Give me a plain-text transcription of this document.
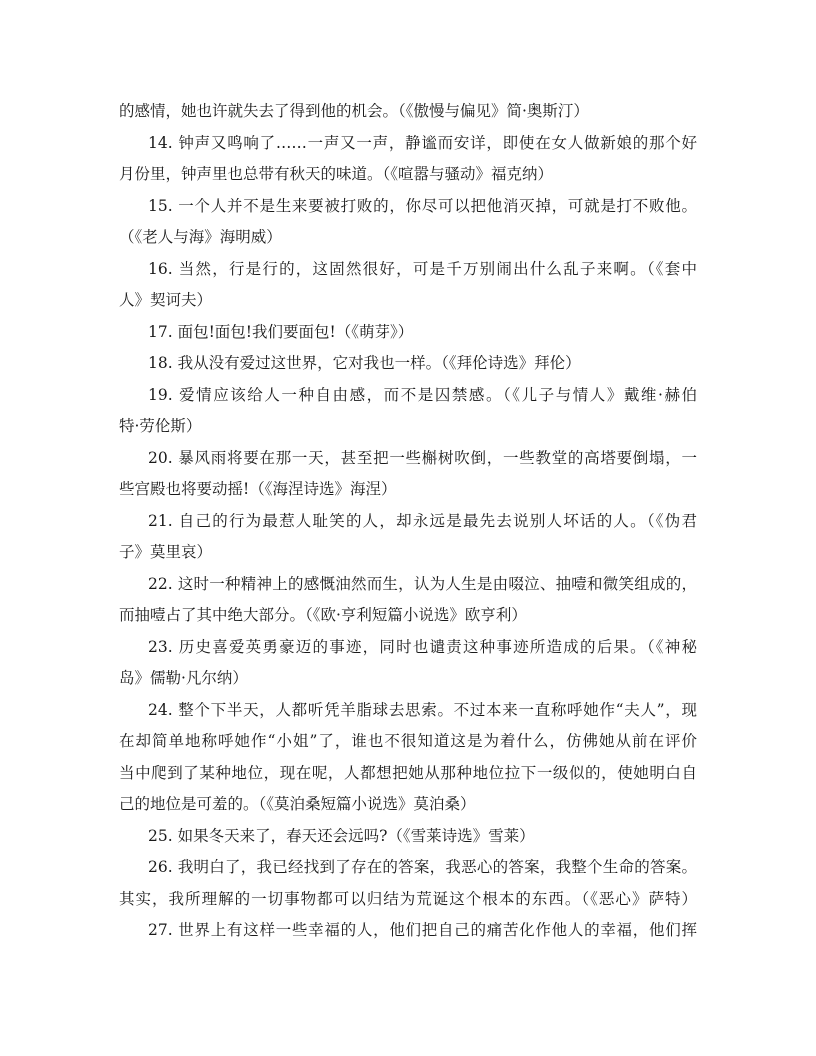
的感情，她也许就失去了得到他的机会。（《傲慢与偏见》简·奥斯汀）
14. 钟声又鸣响了……一声又一声，静谧而安详，即使在女人做新娘的那个好
月份里，钟声里也总带有秋天的味道。（《喧嚣与骚动》福克纳）
15. 一个人并不是生来要被打败的，你尽可以把他消灭掉，可就是打不败他。
（《老人与海》海明威）
16. 当然，行是行的，这固然很好，可是千万别闹出什么乱子来啊。（《套中
人》契诃夫）
17. 面包!面包!我们要面包!（《萌芽》）
18. 我从没有爱过这世界，它对我也一样。（《拜伦诗选》拜伦）
19. 爱情应该给人一种自由感，而不是囚禁感。（《儿子与情人》戴维·赫伯
特·劳伦斯）
20. 暴风雨将要在那一天，甚至把一些槲树吹倒，一些教堂的高塔要倒塌，一
些宫殿也将要动摇!（《海涅诗选》海涅）
21. 自己的行为最惹人耻笑的人，却永远是最先去说别人坏话的人。（《伪君
子》莫里哀）
22. 这时一种精神上的感慨油然而生，认为人生是由啜泣、抽噎和微笑组成的，
而抽噎占了其中绝大部分。（《欧·亨利短篇小说选》欧亨利）
23. 历史喜爱英勇豪迈的事迹，同时也谴责这种事迹所造成的后果。（《神秘
岛》儒勒·凡尔纳）
24. 整个下半天，人都听凭羊脂球去思索。不过本来一直称呼她作“夫人”，现
在却简单地称呼她作“小姐”了，谁也不很知道这是为着什么，仿佛她从前在评价
当中爬到了某种地位，现在呢，人都想把她从那种地位拉下一级似的，使她明白自
己的地位是可羞的。（《莫泊桑短篇小说选》莫泊桑）
25. 如果冬天来了，春天还会远吗?（《雪莱诗选》雪莱）
26. 我明白了，我已经找到了存在的答案，我恶心的答案，我整个生命的答案。
其实，我所理解的一切事物都可以归结为荒诞这个根本的东西。（《恶心》萨特）
27. 世界上有这样一些幸福的人，他们把自己的痛苦化作他人的幸福，他们挥
